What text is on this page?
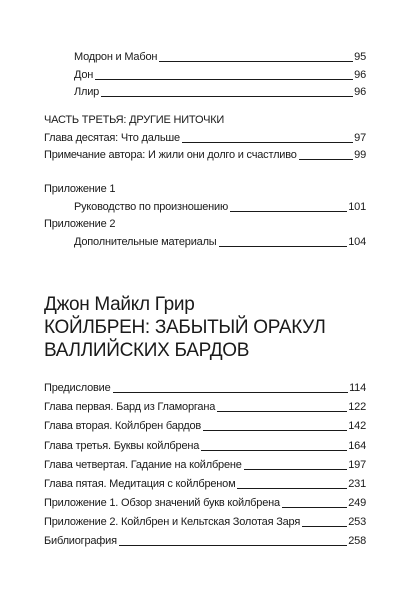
Модрон и Мабон	95
Дон	96
Ллир	96
ЧАСТЬ ТРЕТЬЯ: ДРУГИЕ НИТОЧКИ
Глава десятая: Что дальше	97
Примечание автора: И жили они долго и счастливо	99
Приложение 1
Руководство по произношению	101
Приложение 2
Дополнительные материалы	104
Джон Майкл Грир
КОЙЛБРЕН: ЗАБЫТЫЙ ОРАКУЛ
ВАЛЛИЙСКИХ БАРДОВ
Предисловие	114
Глава первая. Бард из Гламоргана	122
Глава вторая. Койлбрен бардов	142
Глава третья. Буквы койлбрена	164
Глава четвертая. Гадание на койлбрене	197
Глава пятая. Медитация с койлбреном	231
Приложение 1. Обзор значений букв койлбрена	249
Приложение 2. Койлбрен и Кельтская Золотая Заря	253
Библиография	258
